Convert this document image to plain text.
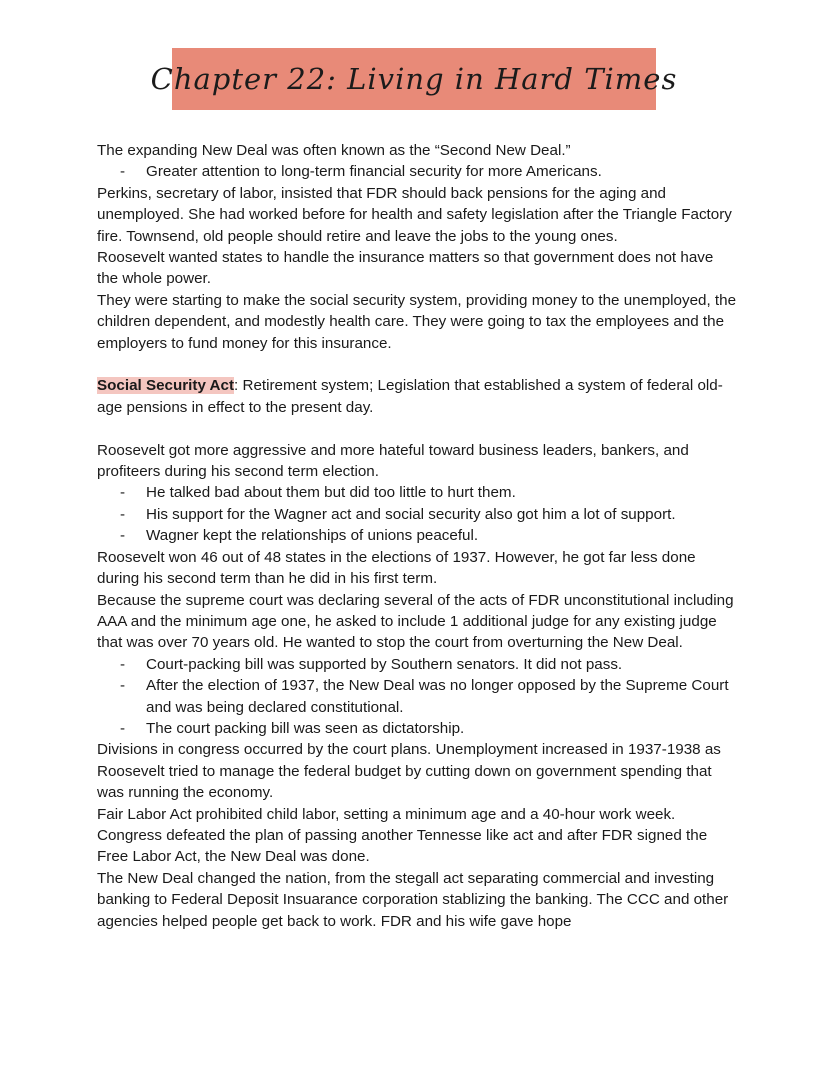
Chapter 22: Living in Hard Times

The expanding New Deal was often known as the “Second New Deal.”

- Greater attention to long-term financial security for more Americans.

Perkins, secretary of labor, insisted that FDR should back pensions for the aging and unemployed. She had worked before for health and safety legislation after the Triangle Factory fire. Townsend, old people should retire and leave the jobs to the young ones.

Roosevelt wanted states to handle the insurance matters so that government does not have the whole power.

They were starting to make the social security system, providing money to the unemployed, the children dependent, and modestly health care. They were going to tax the employees and the employers to fund money for this insurance.

Social Security Act: Retirement system; Legislation that established a system of federal old-age pensions in effect to the present day.

Roosevelt got more aggressive and more hateful toward business leaders, bankers, and profiteers during his second term election.

- He talked bad about them but did too little to hurt them.

- His support for the Wagner act and social security also got him a lot of support.

- Wagner kept the relationships of unions peaceful.

Roosevelt won 46 out of 48 states in the elections of 1937. However, he got far less done during his second term than he did in his first term.

Because the supreme court was declaring several of the acts of FDR unconstitutional including AAA and the minimum age one, he asked to include 1 additional judge for any existing judge that was over 70 years old. He wanted to stop the court from overturning the New Deal.

- Court-packing bill was supported by Southern senators. It did not pass.

- After the election of 1937, the New Deal was no longer opposed by the Supreme Court and was being declared constitutional.

- The court packing bill was seen as dictatorship.

Divisions in congress occurred by the court plans. Unemployment increased in 1937-1938 as Roosevelt tried to manage the federal budget by cutting down on government spending that was running the economy.

Fair Labor Act prohibited child labor, setting a minimum age and a 40-hour work week. Congress defeated the plan of passing another Tennesse like act and after FDR signed the Free Labor Act, the New Deal was done.

The New Deal changed the nation, from the stegall act separating commercial and investing banking to Federal Deposit Insuarance corporation stablizing the banking. The CCC and other agencies helped people get back to work. FDR and his wife gave hope
